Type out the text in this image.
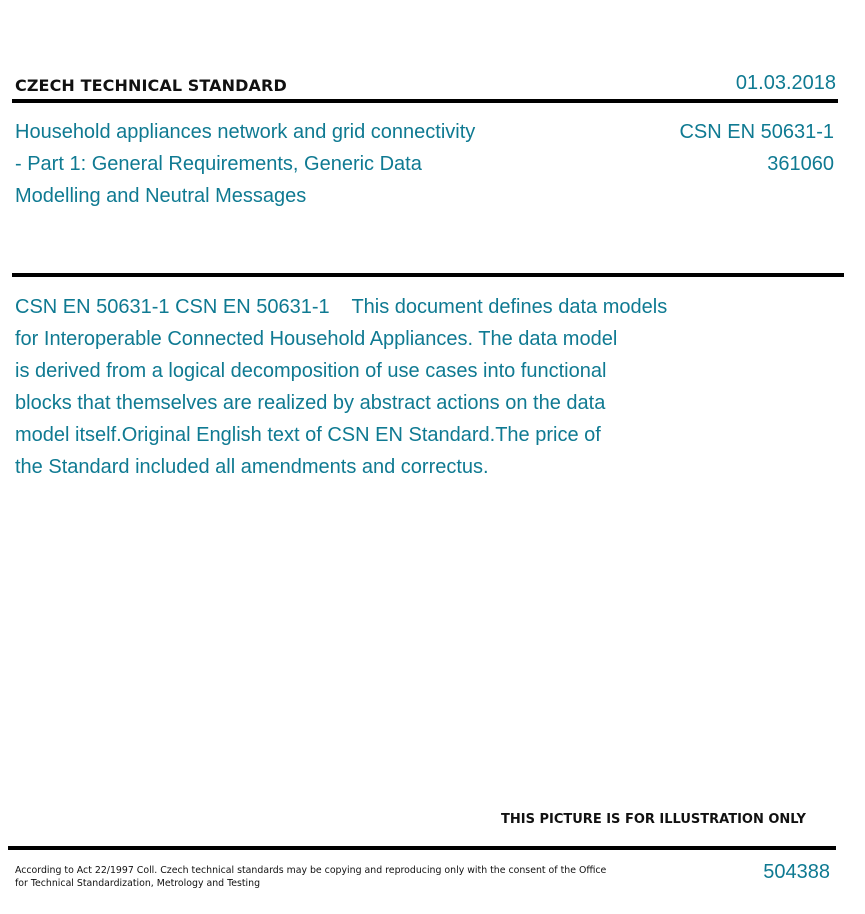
CZECH TECHNICAL STANDARD	01.03.2018
Household appliances network and grid connectivity
- Part 1: General Requirements, Generic Data
Modelling and Neutral Messages
CSN EN 50631-1
361060
CSN EN 50631-1 CSN EN 50631-1    This document defines data models
for Interoperable Connected Household Appliances. The data model
is derived from a logical decomposition of use cases into functional
blocks that themselves are realized by abstract actions on the data
model itself.Original English text of CSN EN Standard.The price of
the Standard included all amendments and correctus.
THIS PICTURE IS FOR ILLUSTRATION ONLY
According to Act 22/1997 Coll. Czech technical standards may be copying and reproducing only with the consent of the Office
for Technical Standardization, Metrology and Testing
504388
